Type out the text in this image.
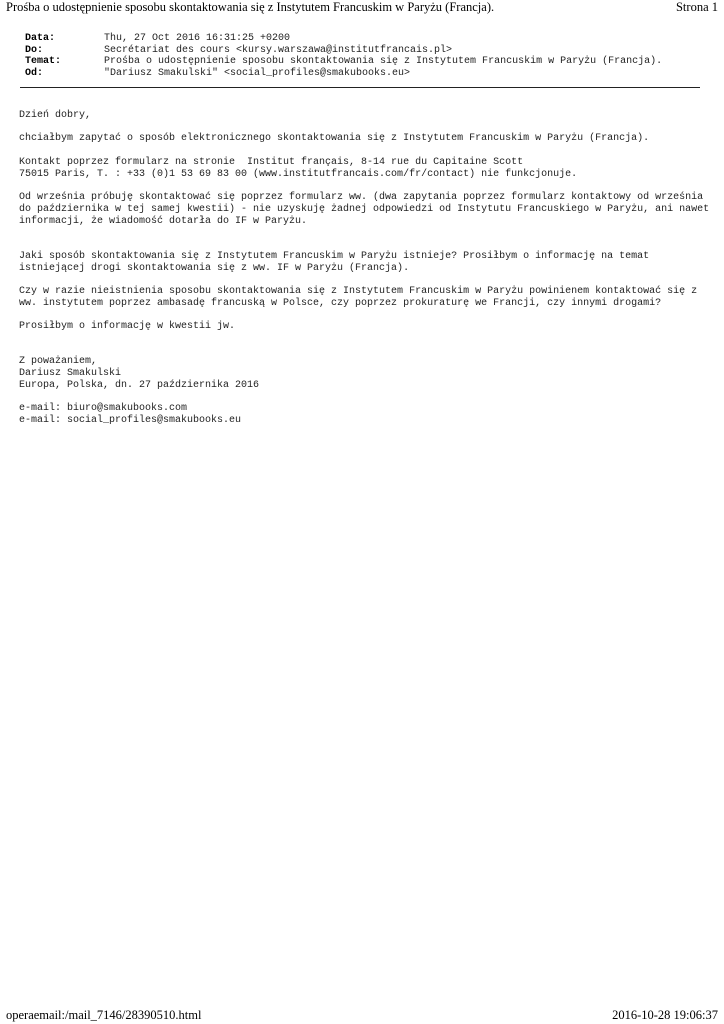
Prośba o udostępnienie sposobu skontaktowania się z Instytutem Francuskim w Paryżu (Francja).	Strona 1
Data:	Thu, 27 Oct 2016 16:31:25 +0200
Do:	Secrétariat des cours <kursy.warszawa@institutfrancais.pl>
Temat:	Prośba o udostępnienie sposobu skontaktowania się z Instytutem Francuskim w Paryżu (Francja).
Od:	"Dariusz Smakulski" <social_profiles@smakubooks.eu>
Dzień dobry,
chciałbym zapytać o sposób elektronicznego skontaktowania się z Instytutem Francuskim w Paryżu (Francja).
Kontakt poprzez formularz na stronie  Institut français, 8-14 rue du Capitaine Scott
75015 Paris, T. : +33 (0)1 53 69 83 00 (www.institutfrancais.com/fr/contact) nie funkcjonuje.
Od września próbuję skontaktować się poprzez formularz ww. (dwa zapytania poprzez formularz kontaktowy od września
do października w tej samej kwestii) - nie uzyskuję żadnej odpowiedzi od Instytutu Francuskiego w Paryżu, ani nawet
informacji, że wiadomość dotarła do IF w Paryżu.
Jaki sposób skontaktowania się z Instytutem Francuskim w Paryżu istnieje? Prosiłbym o informację na temat
istniejącej drogi skontaktowania się z ww. IF w Paryżu (Francja).
Czy w razie nieistnienia sposobu skontaktowania się z Instytutem Francuskim w Paryżu powinienem kontaktować się z
ww. instytutem poprzez ambasadę francuską w Polsce, czy poprzez prokuraturę we Francji, czy innymi drogami?
Prosiłbym o informację w kwestii jw.
Z poważaniem,
Dariusz Smakulski
Europa, Polska, dn. 27 października 2016
e-mail: biuro@smakubooks.com
e-mail: social_profiles@smakubooks.eu
operaemail:/mail_7146/28390510.html	2016-10-28 19:06:37
